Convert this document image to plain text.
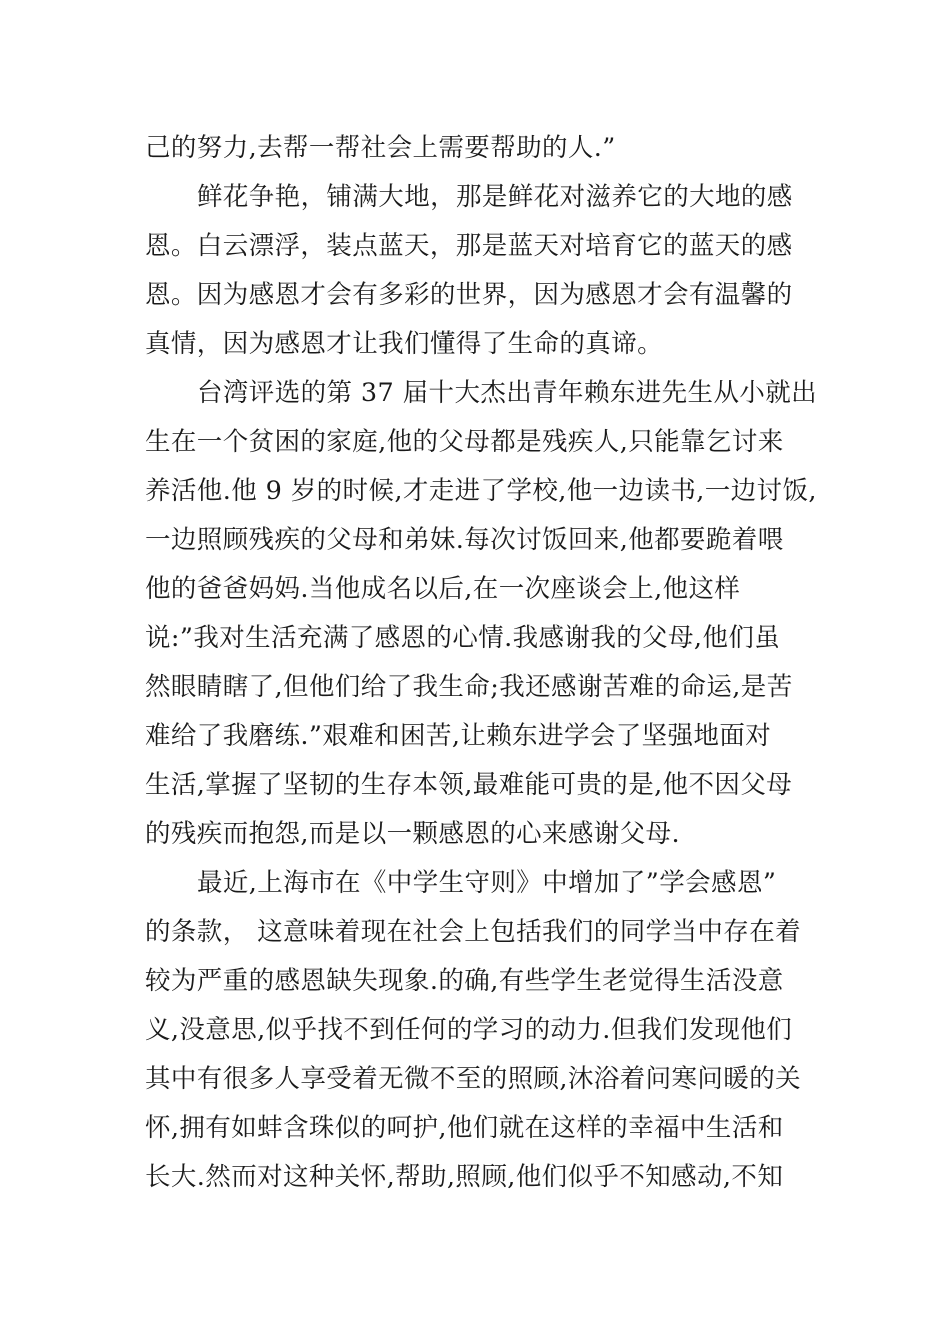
己的努力,去帮一帮社会上需要帮助的人.”
鲜花争艳，铺满大地，那是鲜花对滋养它的大地的感
恩。白云漂浮，装点蓝天，那是蓝天对培育它的蓝天的感
恩。因为感恩才会有多彩的世界，因为感恩才会有温馨的
真情，因为感恩才让我们懂得了生命的真谛。
台湾评选的第 37 届十大杰出青年赖东进先生从小就出
生在一个贫困的家庭,他的父母都是残疾人,只能靠乞讨来
养活他.他 9 岁的时候,才走进了学校,他一边读书,一边讨饭,
一边照顾残疾的父母和弟妹.每次讨饭回来,他都要跪着喂
他的爸爸妈妈.当他成名以后,在一次座谈会上,他这样
说:”我对生活充满了感恩的心情.我感谢我的父母,他们虽
然眼睛瞎了,但他们给了我生命;我还感谢苦难的命运,是苦
难给了我磨练.”艰难和困苦,让赖东进学会了坚强地面对
生活,掌握了坚韧的生存本领,最难能可贵的是,他不因父母
的残疾而抱怨,而是以一颗感恩的心来感谢父母.
最近,上海市在《中学生守则》中增加了”学会感恩”
的条款， 这意味着现在社会上包括我们的同学当中存在着
较为严重的感恩缺失现象.的确,有些学生老觉得生活没意
义,没意思,似乎找不到任何的学习的动力.但我们发现他们
其中有很多人享受着无微不至的照顾,沐浴着问寒问暖的关
怀,拥有如蚌含珠似的呵护,他们就在这样的幸福中生活和
长大.然而对这种关怀,帮助,照顾,他们似乎不知感动,不知
